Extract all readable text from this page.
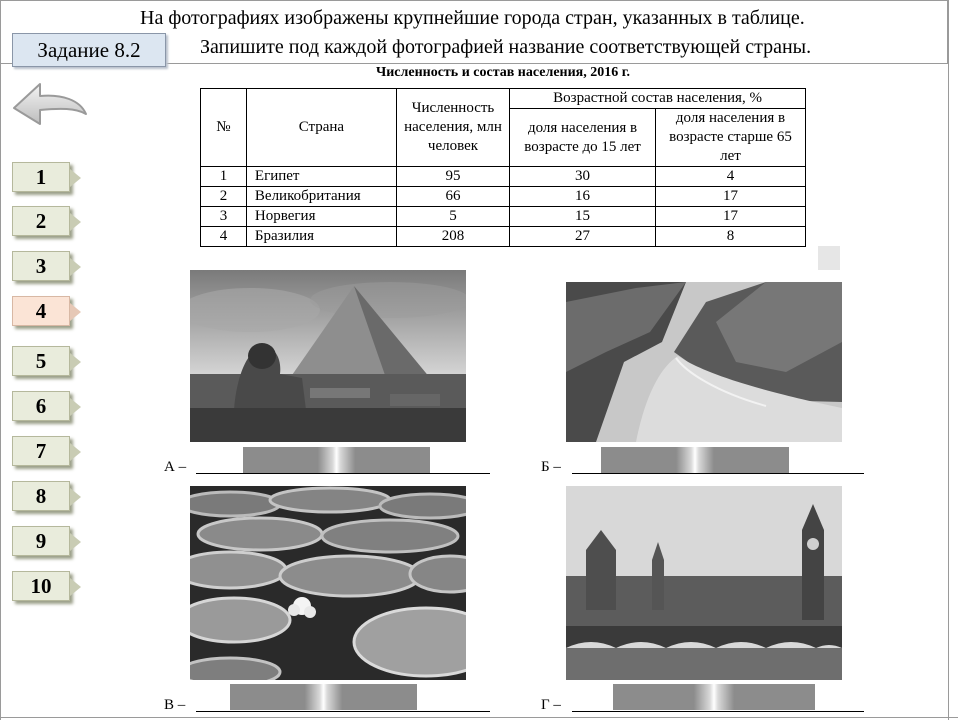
На фотографиях изображены крупнейшие города стран, указанных в таблице.
Запишите под каждой фотографией название соответствующей страны.
Задание 8.2
1
2
3
4
5
6
7
8
9
10
Численность и состав населения, 2016 г.
№	Страна	Численность населения, млн человек	Возрастной состав населения, %	
			доля населения в возрасте до 15 лет	доля населения в возрасте старше 65 лет
1	Египет	95	30	4
2	Великобритания	66	16	17
3	Норвегия	5	15	17
4	Бразилия	208	27	8
А –	Б –
В –	Г –
